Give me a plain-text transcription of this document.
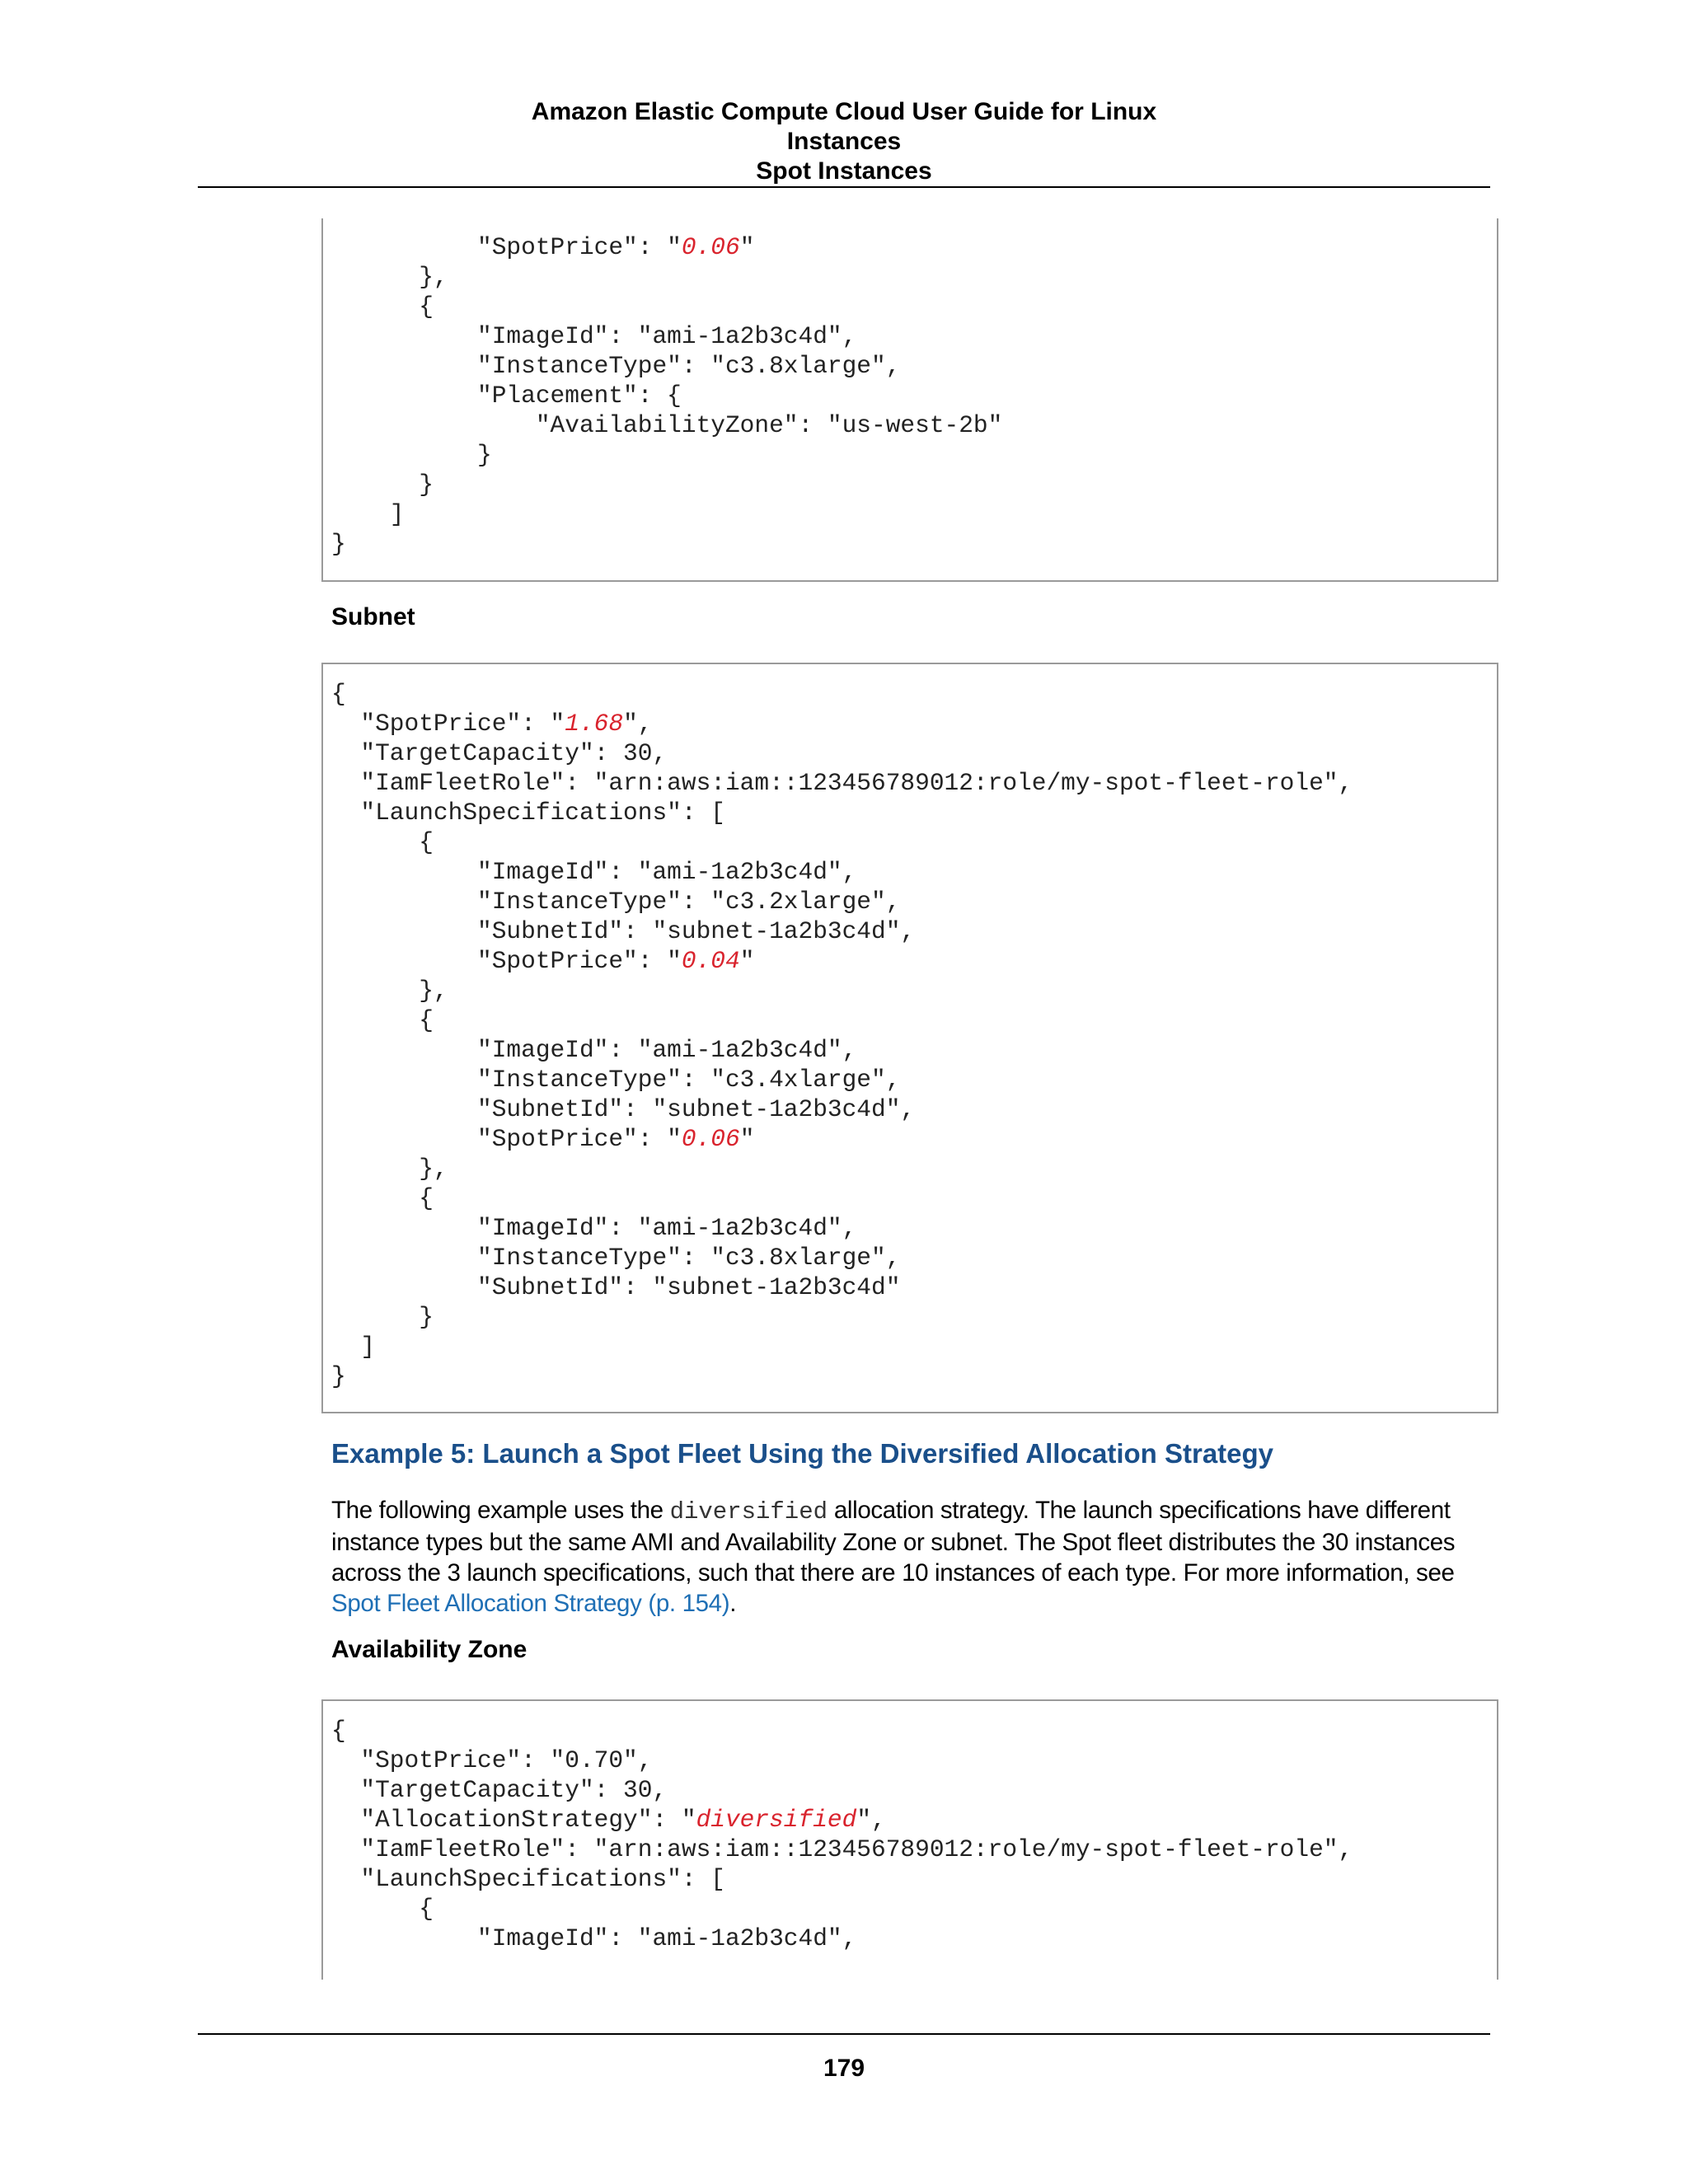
Amazon Elastic Compute Cloud User Guide for Linux
Instances
Spot Instances
"SpotPrice": "0.06"
},
{
"ImageId": "ami-1a2b3c4d",
"InstanceType": "c3.8xlarge",
"Placement": {
"AvailabilityZone": "us-west-2b"
}
}
]
}
Subnet
{
"SpotPrice": "1.68",
"TargetCapacity": 30,
"IamFleetRole": "arn:aws:iam::123456789012:role/my-spot-fleet-role",
"LaunchSpecifications": [
{
"ImageId": "ami-1a2b3c4d",
"InstanceType": "c3.2xlarge",
"SubnetId": "subnet-1a2b3c4d",
"SpotPrice": "0.04"
},
{
"ImageId": "ami-1a2b3c4d",
"InstanceType": "c3.4xlarge",
"SubnetId": "subnet-1a2b3c4d",
"SpotPrice": "0.06"
},
{
"ImageId": "ami-1a2b3c4d",
"InstanceType": "c3.8xlarge",
"SubnetId": "subnet-1a2b3c4d"
}
]
}
Example 5: Launch a Spot Fleet Using the Diversified Allocation Strategy
The following example uses the diversified allocation strategy. The launch specifications have different instance types but the same AMI and Availability Zone or subnet. The Spot fleet distributes the 30 instances across the 3 launch specifications, such that there are 10 instances of each type. For more information, see Spot Fleet Allocation Strategy (p. 154).
Availability Zone
{
"SpotPrice": "0.70",
"TargetCapacity": 30,
"AllocationStrategy": "diversified",
"IamFleetRole": "arn:aws:iam::123456789012:role/my-spot-fleet-role",
"LaunchSpecifications": [
{
"ImageId": "ami-1a2b3c4d",
179
